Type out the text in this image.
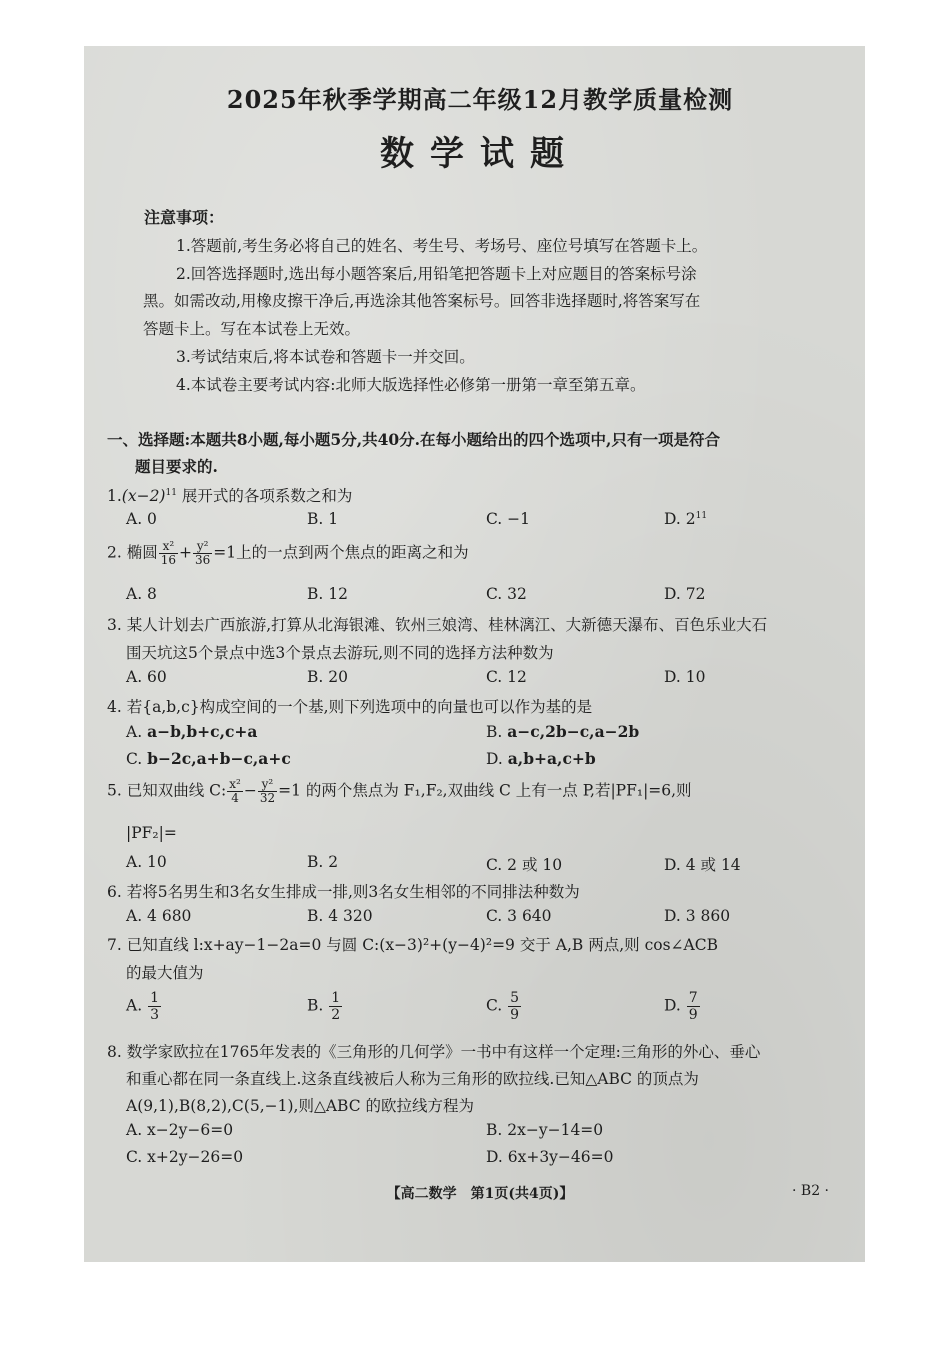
2025年秋季学期高二年级12月教学质量检测
数学试题
注意事项：
1.答题前,考生务必将自己的姓名、考生号、考场号、座位号填写在答题卡上。
2.回答选择题时,选出每小题答案后,用铅笔把答题卡上对应题目的答案标号涂
黑。如需改动,用橡皮擦干净后,再选涂其他答案标号。回答非选择题时,将答案写在
答题卡上。写在本试卷上无效。
3.考试结束后,将本试卷和答题卡一并交回。
4.本试卷主要考试内容:北师大版选择性必修第一册第一章至第五章。
一、选择题:本题共8小题,每小题5分,共40分.在每小题给出的四个选项中,只有一项是符合
题目要求的.
$1.(x-2)^{11}$ 展开式的各项系数之和为
A. 0	B. 1	C. −1	D. $2^{11}$
2. 椭圆 $\frac{\text{x²}}{16} + \frac{\text{y²}}{36} =1$上的一点到两个焦点的距离之和为
A. 8	B. 12	C. 32	D. 72
3. 某人计划去广西旅游,打算从北海银滩、钦州三娘湾、桂林漓江、大新德天瀑布、百色乐业大石
围天坑这5个景点中选3个景点去游玩,则不同的选择方法种数为
A. 60	B. 20	C. 12	D. 10
4. 若{a,b,c}构成空间的一个基,则下列选项中的向量也可以作为基的是
A. a−b,b+c,c+a	B. a−c,2b−c,a−2b
C. b−2c,a+b−c,a+c	D. a,b+a,c+b
5. 已知双曲线 C: $\frac{\text{x²}}{4} - \frac{\text{y²}}{32} =1$ 的两个焦点为 F₁,F₂,双曲线 C 上有一点 P,若|PF₁|=6,则
|PF₂|=
A. 10	B. 2	C. 2 或 10	D. 4 或 14
6. 若将5名男生和3名女生排成一排,则3名女生相邻的不同排法种数为
A. 4 680	B. 4 320	C. 3 640	D. 3 860
7. 已知直线 l:x+ay−1−2a=0 与圆 C:(x−3)²+(y−4)²=9 交于 A,B 两点,则 cos∠ACB
的最大值为
A. $\frac{1}{3}$	B. $\frac{1}{2}$	C. $\frac{5}{9}$	D. $\frac{7}{9}$
8. 数学家欧拉在1765年发表的《三角形的几何学》一书中有这样一个定理:三角形的外心、垂心
和重心都在同一条直线上.这条直线被后人称为三角形的欧拉线.已知△ABC 的顶点为
A(9,1),B(8,2),C(5,−1),则△ABC 的欧拉线方程为
A. x−2y−6=0	B. 2x−y−14=0
C. x+2y−26=0	D. 6x+3y−46=0
【高二数学　第1页(共4页)】	· B2 ·
